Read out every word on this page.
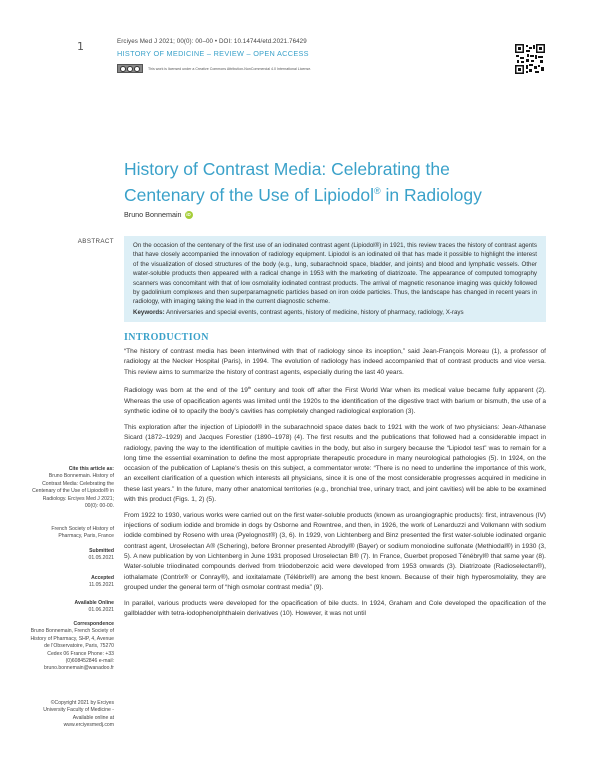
1	Erciyes Med J 2021; 00(0): 00–00 • DOI: 10.14744/etd.2021.76429
HISTORY OF MEDICINE – REVIEW – OPEN ACCESS
This work is licensed under a Creative Commons Attribution-NonCommercial 4.0 International License.
History of Contrast Media: Celebrating the
Centenary of the Use of Lipiodol® in Radiology
Bruno Bonnemain	iD
ABSTRACT

On the occasion of the centenary of the first use of an iodinated contrast agent (Lipiodol®) in 1921, this review traces the history of contrast agents that have closely accompanied the innovation of radiology equipment. Lipiodol is an iodinated oil that has made it possible to highlight the interest of the visualization of closed structures of the body (e.g., lung, subarachnoid space, bladder, and joints) and blood and lymphatic vessels. Other water-soluble products then appeared with a radical change in 1953 with the marketing of diatrizoate. The appearance of computed tomography scanners was concomitant with that of low osmolality iodinated contrast products. The arrival of magnetic resonance imaging was quickly followed by gadolinium complexes and then superparamagnetic particles based on iron oxide particles. Thus, the landscape has changed in recent years in radiology, with imaging taking the lead in the current diagnostic scheme.

Keywords: Anniversaries and special events, contrast agents, history of medicine, history of pharmacy, radiology, X-rays

INTRODUCTION

“The history of contrast media has been intertwined with that of radiology since its inception,” said Jean-François Moreau (1), a professor of radiology at the Necker Hospital (Paris), in 1994. The evolution of radiology has indeed accompanied that of contrast products and vice versa. This review aims to summarize the history of contrast agents, especially during the last 40 years.

Radiology was born at the end of the 19th century and took off after the First World War when its medical value became fully apparent (2). Whereas the use of opacification agents was limited until the 1920s to the identification of the digestive tract with barium or bismuth, the use of a synthetic iodine oil to opacify the body’s cavities has completely changed radiological exploration (3).

This exploration after the injection of Lipiodol® in the subarachnoid space dates back to 1921 with the work of two physicians: Jean-Athanase Sicard (1872–1929) and Jacques Forestier (1890–1978) (4). The first results and the publications that followed had a considerable impact in radiology, paving the way to the identification of multiple cavities in the body, but also in surgery because the “Lipiodol test” was to remain for a long time the essential examination to define the most appropriate therapeutic procedure in many neurological pathologies (5). In 1924, on the occasion of the publication of Laplane’s thesis on this subject, a commentator wrote: “There is no need to underline the importance of this work, an excellent clarification of a question which interests all physicians, since it is one of the most considerable progresses acquired in medicine in these last years.” In the future, many other anatomical territories (e.g., bronchial tree, urinary tract, and joint cavities) will be able to be examined with this product (Figs. 1, 2) (5).

From 1922 to 1930, various works were carried out on the first water-soluble products (known as uroangiographic products): first, intravenous (IV) injections of sodium iodide and bromide in dogs by Osborne and Rowntree, and then, in 1926, the work of Lenarduzzi and Volkmann with sodium iodide combined by Roseno with urea (Pyelognost®) (3, 6). In 1929, von Lichtenberg and Binz presented the first water-soluble iodinated organic contrast agent, Uroselectan A® (Schering), before Bronner presented Abrodyl® (Bayer) or sodium monoiodine sulfonate (Methiodal®) in 1930 (3, 5). A new publication by von Lichtenberg in June 1931 proposed Uroselectan B® (7). In France, Guerbet proposed Ténébryl® that same year (8). Water-soluble triiodinated compounds derived from triiodobenzoic acid were developed from 1953 onwards (3). Diatrizoate (Radioselectan®), iothalamate (Contrix® or Conray®), and ioxitalamate (Télébrix®) are among the best known. Because of their high hyperosmolality, they are grouped under the general term of “high osmolar contrast media” (9).

In parallel, various products were developed for the opacification of bile ducts. In 1924, Graham and Cole developed the opacification of the gallbladder with tetra-iodophenolphthalein derivatives (10). However, it was not until

Cite this article as:
Bruno Bonnemain. History of Contrast Media: Celebrating the Centenary of the Use of Lipiodol® in Radiology. Erciyes Med J 2021; 00(0): 00-00.
French Society of History of Pharmacy, Paris, France
Submitted
01.05.2021
Accepted
11.05.2021
Available Online
01.06.2021
Correspondence
Bruno Bonnemain, French Society of History of Pharmacy, SHP, 4, Avenue de l’Observatoire, Paris, 75270 Cedex 06 France Phone: +33 (0)608452846 e-mail: bruno.bonnemain@wanadoo.fr
©Copyright 2021 by Erciyes University Faculty of Medicine - Available online at www.erciyesmedj.com
